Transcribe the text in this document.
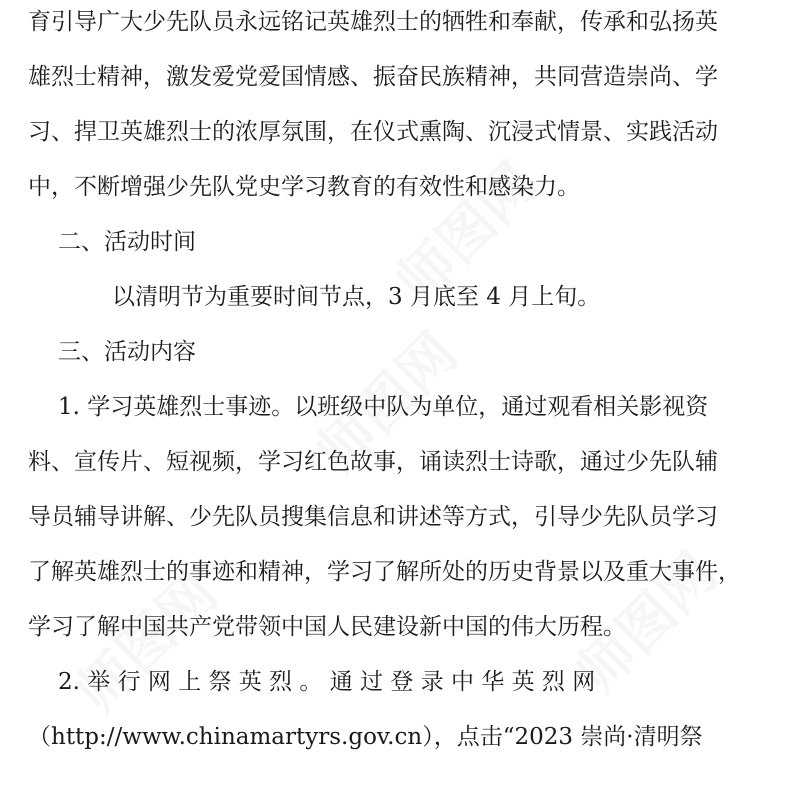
育引导广大少先队员永远铭记英雄烈士的牺牲和奉献，传承和弘扬英
雄烈士精神，激发爱党爱国情感、振奋民族精神，共同营造崇尚、学
习、捍卫英雄烈士的浓厚氛围，在仪式熏陶、沉浸式情景、实践活动
中，不断增强少先队党史学习教育的有效性和感染力。
二、活动时间
以清明节为重要时间节点，3 月底至 4 月上旬。
三、活动内容
1. 学习英雄烈士事迹。以班级中队为单位，通过观看相关影视资
料、宣传片、短视频，学习红色故事，诵读烈士诗歌，通过少先队辅
导员辅导讲解、少先队员搜集信息和讲述等方式，引导少先队员学习
了解英雄烈士的事迹和精神，学习了解所处的历史背景以及重大事件，
学习了解中国共产党带领中国人民建设新中国的伟大历程。
2. 举 行 网 上 祭 英 烈 。 通 过 登 录 中 华 英 烈 网
（http://www.chinamartyrs.gov.cn），点击“2023 崇尚·清明祭
